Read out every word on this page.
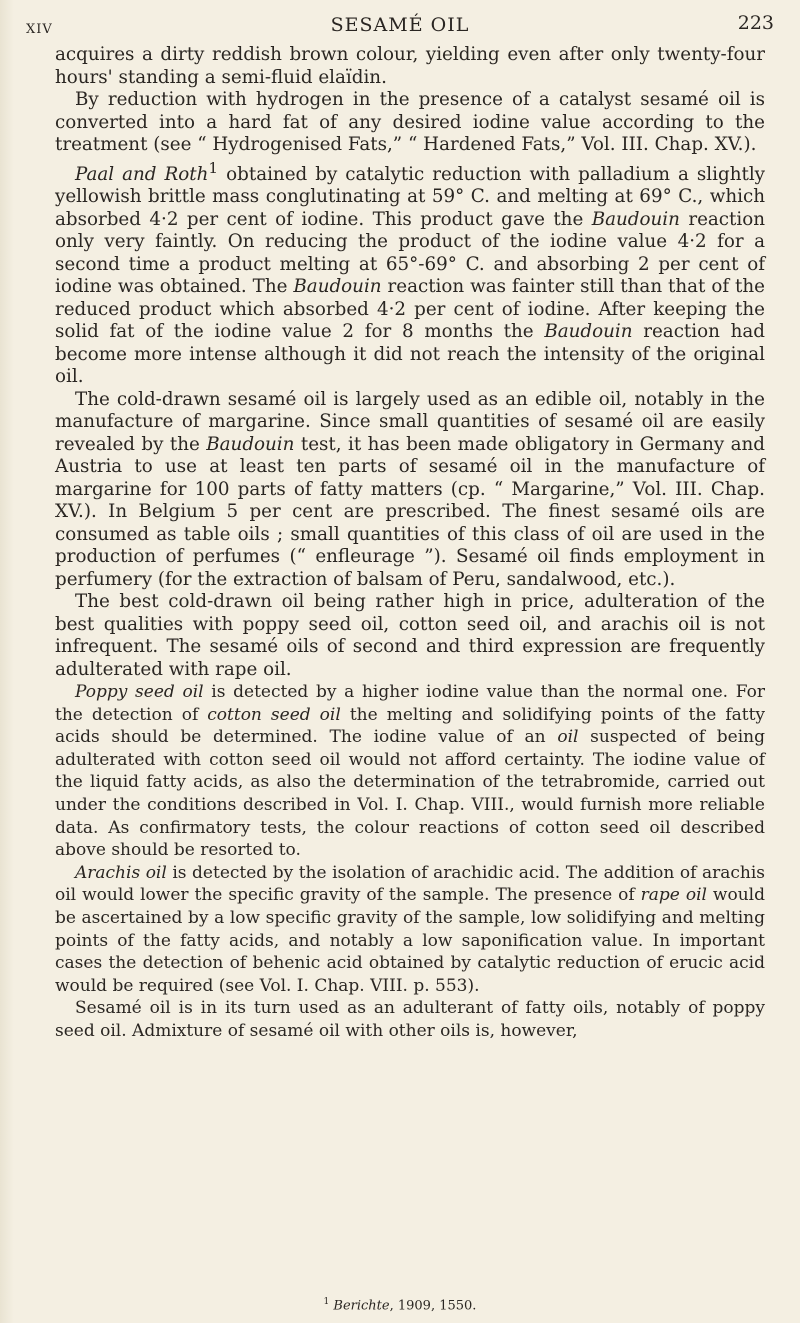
XIV	SESAMÉ OIL	223

acquires a dirty reddish brown colour, yielding even after only twenty-four hours' standing a semi-fluid elaïdin.

By reduction with hydrogen in the presence of a catalyst sesamé oil is converted into a hard fat of any desired iodine value according to the treatment (see “ Hydrogenised Fats,” “ Hardened Fats,” Vol. III. Chap. XV.).

Paal and Roth$^1$ obtained by catalytic reduction with palladium a slightly yellowish brittle mass conglutinating at 59° C. and melting at 69° C., which absorbed 4·2 per cent of iodine. This product gave the Baudouin reaction only very faintly. On reducing the product of the iodine value 4·2 for a second time a product melting at 65°-69° C. and absorbing 2 per cent of iodine was obtained. The Baudouin reaction was fainter still than that of the reduced product which absorbed 4·2 per cent of iodine. After keeping the solid fat of the iodine value 2 for 8 months the Baudouin reaction had become more intense although it did not reach the intensity of the original oil.

The cold-drawn sesamé oil is largely used as an edible oil, notably in the manufacture of margarine. Since small quantities of sesamé oil are easily revealed by the Baudouin test, it has been made obligatory in Germany and Austria to use at least ten parts of sesamé oil in the manufacture of margarine for 100 parts of fatty matters (cp. “ Margarine,” Vol. III. Chap. XV.). In Belgium 5 per cent are prescribed. The finest sesamé oils are consumed as table oils ; small quantities of this class of oil are used in the production of perfumes (“ enfleurage ”). Sesamé oil finds employment in perfumery (for the extraction of balsam of Peru, sandalwood, etc.).

The best cold-drawn oil being rather high in price, adulteration of the best qualities with poppy seed oil, cotton seed oil, and arachis oil is not infrequent. The sesamé oils of second and third expression are frequently adulterated with rape oil.

Poppy seed oil is detected by a higher iodine value than the normal one. For the detection of cotton seed oil the melting and solidifying points of the fatty acids should be determined. The iodine value of an oil suspected of being adulterated with cotton seed oil would not afford certainty. The iodine value of the liquid fatty acids, as also the determination of the tetrabromide, carried out under the conditions described in Vol. I. Chap. VIII., would furnish more reliable data. As confirmatory tests, the colour reactions of cotton seed oil described above should be resorted to.

Arachis oil is detected by the isolation of arachidic acid. The addition of arachis oil would lower the specific gravity of the sample. The presence of rape oil would be ascertained by a low specific gravity of the sample, low solidifying and melting points of the fatty acids, and notably a low saponification value. In important cases the detection of behenic acid obtained by catalytic reduction of erucic acid would be required (see Vol. I. Chap. VIII. p. 553).

Sesamé oil is in its turn used as an adulterant of fatty oils, notably of poppy seed oil. Admixture of sesamé oil with other oils is, however,

$^1$ Berichte, 1909, 1550.
